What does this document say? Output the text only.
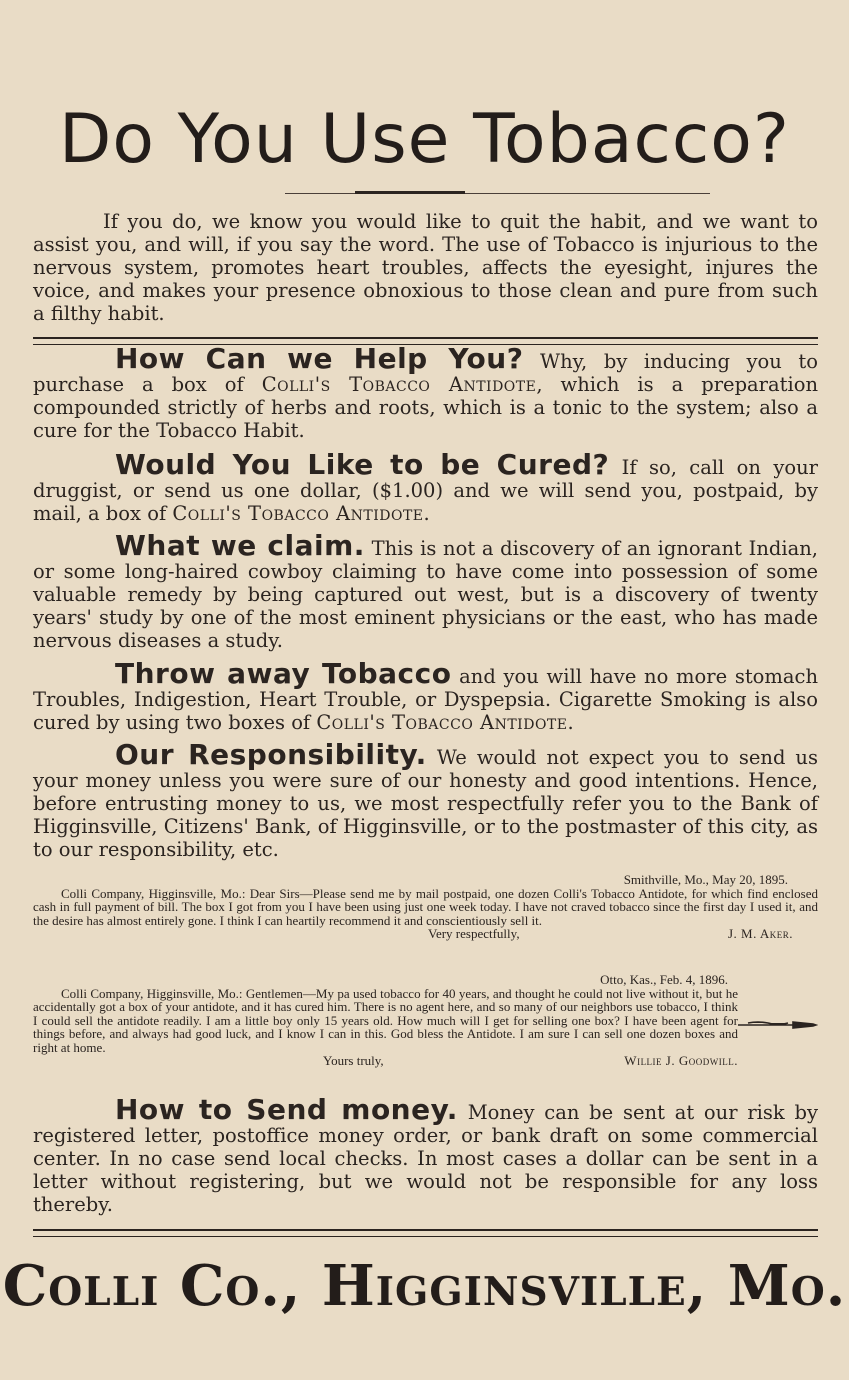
Do You Use Tobacco?
If you do, we know you would like to quit the habit, and we want to assist you, and will, if you say the word. The use of Tobacco is injurious to the nervous system, promotes heart troubles, affects the eyesight, injures the voice, and makes your presence obnoxious to those clean and pure from such a filthy habit.
How Can we Help You? Why, by inducing you to purchase a box of Colli's Tobacco Antidote, which is a preparation compounded strictly of herbs and roots, which is a tonic to the system; also a cure for the Tobacco Habit.
Would You Like to be Cured? If so, call on your druggist, or send us one dollar, ($1.00) and we will send you, postpaid, by mail, a box of Colli's Tobacco Antidote.
What we claim. This is not a discovery of an ignorant Indian, or some long-haired cowboy claiming to have come into possession of some valuable remedy by being captured out west, but is a discovery of twenty years' study by one of the most eminent physicians or the east, who has made nervous diseases a study.
Throw away Tobacco and you will have no more stomach Troubles, Indigestion, Heart Trouble, or Dyspepsia. Cigarette Smoking is also cured by using two boxes of Colli's Tobacco Antidote.
Our Responsibility. We would not expect you to send us your money unless you were sure of our honesty and good intentions. Hence, before entrusting money to us, we most respectfully refer you to the Bank of Higginsville, Citizens' Bank, of Higginsville, or to the postmaster of this city, as to our responsibility, etc.
Smithville, Mo., May 20, 1895.
Colli Company, Higginsville, Mo.: Dear Sirs—Please send me by mail postpaid, one dozen Colli's Tobacco Antidote, for which find enclosed cash in full payment of bill. The box I got from you I have been using just one week today. I have not craved tobacco since the first day I used it, and the desire has almost entirely gone. I think I can heartily recommend it and conscientiously sell it.
Very respectfully,	J. M. Aker.
Otto, Kas., Feb. 4, 1896.
Colli Company, Higginsville, Mo.: Gentlemen—My pa used tobacco for 40 years, and thought he could not live without it, but he accidentally got a box of your antidote, and it has cured him. There is no agent here, and so many of our neighbors use tobacco, I think I could sell the antidote readily. I am a little boy only 15 years old. How much will I get for selling one box? I have been agent for things before, and always had good luck, and I know I can in this. God bless the Antidote. I am sure I can sell one dozen boxes and right at home.
Yours truly,	Willie J. Goodwill.
How to Send money. Money can be sent at our risk by registered letter, postoffice money order, or bank draft on some commercial center. In no case send local checks. In most cases a dollar can be sent in a letter without registering, but we would not be responsible for any loss thereby.
Colli Co., Higginsville, Mo.
